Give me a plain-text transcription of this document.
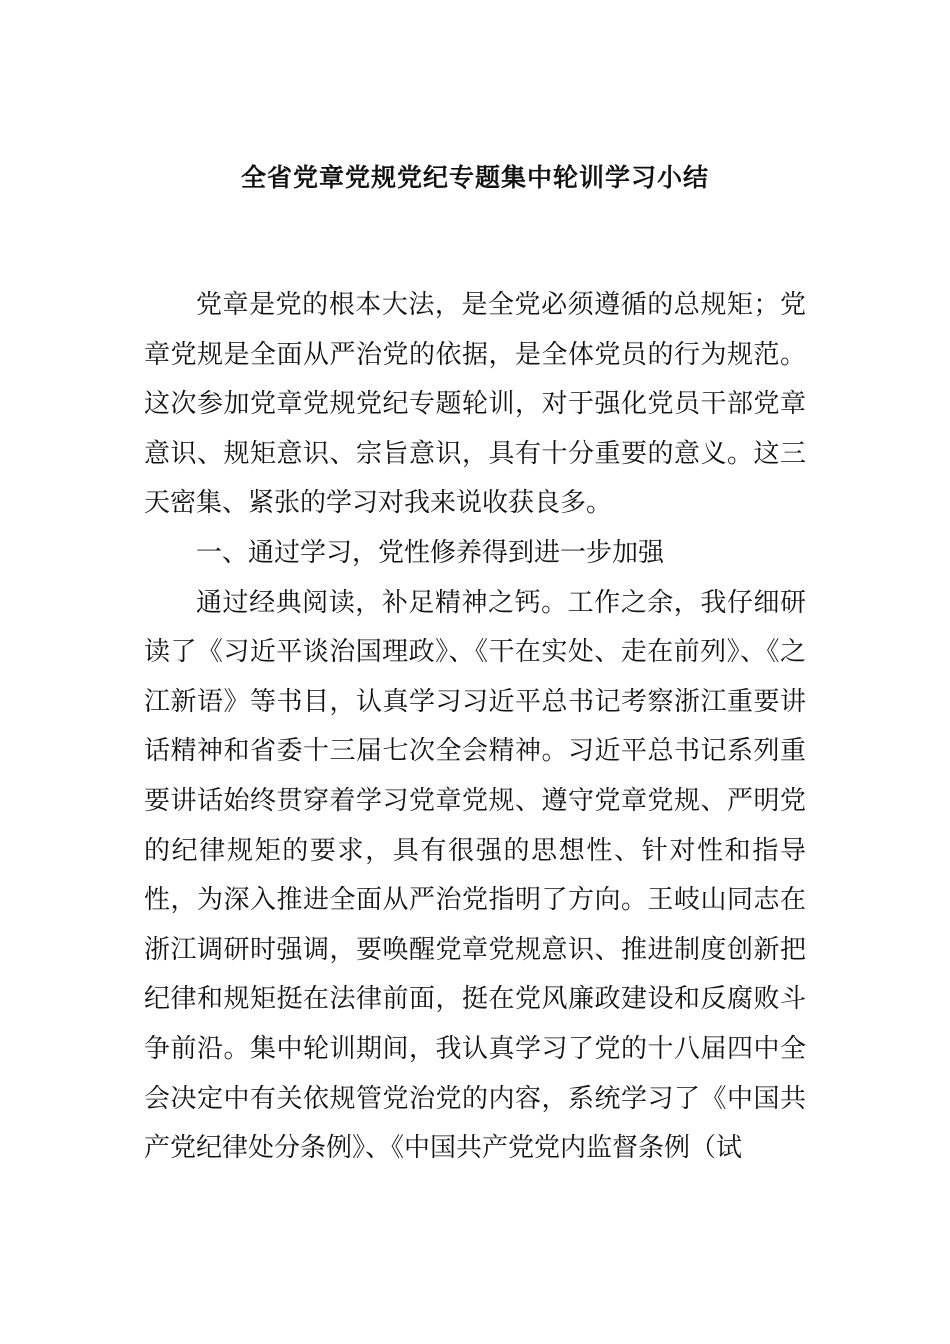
全省党章党规党纪专题集中轮训学习小结

党章是党的根本大法，是全党必须遵循的总规矩；党章党规是全面从严治党的依据，是全体党员的行为规范。这次参加党章党规党纪专题轮训，对于强化党员干部党章意识、规矩意识、宗旨意识，具有十分重要的意义。这三天密集、紧张的学习对我来说收获良多。

一、通过学习，党性修养得到进一步加强

通过经典阅读，补足精神之钙。工作之余，我仔细研读了《习近平谈治国理政》、《干在实处、走在前列》、《之江新语》等书目，认真学习习近平总书记考察浙江重要讲话精神和省委十三届七次全会精神。习近平总书记系列重要讲话始终贯穿着学习党章党规、遵守党章党规、严明党的纪律规矩的要求，具有很强的思想性、针对性和指导性，为深入推进全面从严治党指明了方向。王岐山同志在浙江调研时强调，要唤醒党章党规意识、推进制度创新把纪律和规矩挺在法律前面，挺在党风廉政建设和反腐败斗争前沿。集中轮训期间，我认真学习了党的十八届四中全会决定中有关依规管党治党的内容，系统学习了《中国共产党纪律处分条例》、《中国共产党党内监督条例（试
